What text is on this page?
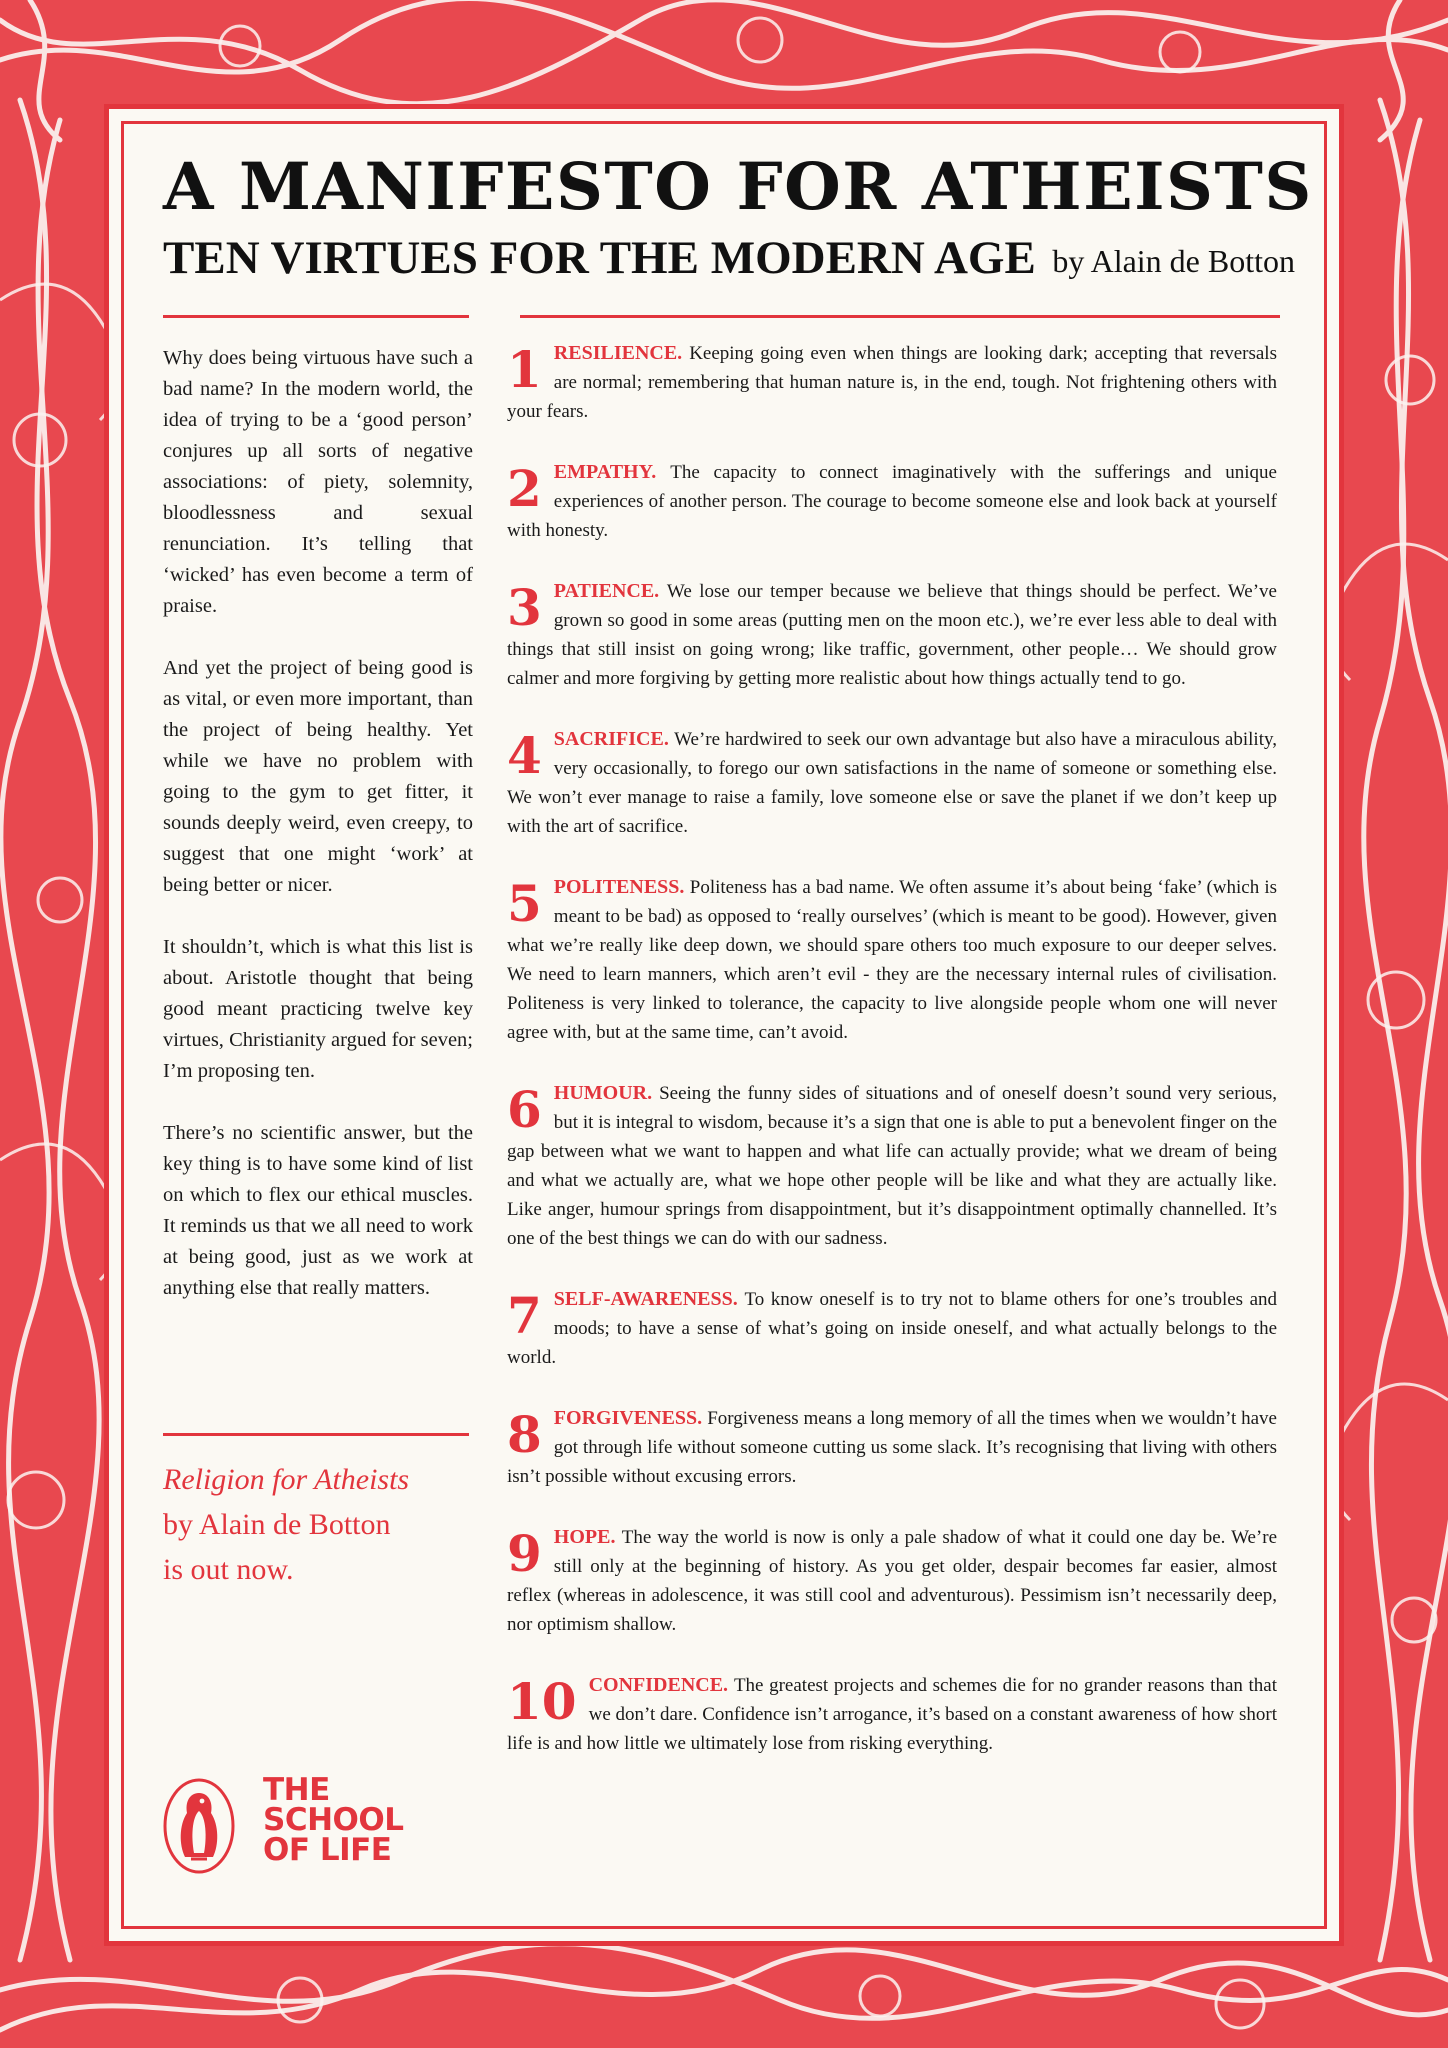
A MANIFESTO FOR ATHEISTS
TEN VIRTUES FOR THE MODERN AGE by Alain de Botton

Why does being virtuous have such a bad name? In the modern world, the idea of trying to be a ‘good person’ conjures up all sorts of negative associations: of piety, solemnity, bloodlessness and sexual renunciation. It’s telling that ‘wicked’ has even become a term of praise.

And yet the project of being good is as vital, or even more important, than the project of being healthy. Yet while we have no problem with going to the gym to get fitter, it sounds deeply weird, even creepy, to suggest that one might ‘work’ at being better or nicer.

It shouldn’t, which is what this list is about. Aristotle thought that being good meant practicing twelve key virtues, Christianity argued for seven; I’m proposing ten.

There’s no scientific answer, but the key thing is to have some kind of list on which to flex our ethical muscles. It reminds us that we all need to work at being good, just as we work at anything else that really matters.

Religion for Atheists
by Alain de Botton
is out now.
THE
SCHOOL
OF LIFE
1 RESILIENCE. Keeping going even when things are looking dark; accepting that reversals are normal; remembering that human nature is, in the end, tough. Not frightening others with your fears.
2 EMPATHY. The capacity to connect imaginatively with the sufferings and unique experiences of another person. The courage to become someone else and look back at yourself with honesty.
3 PATIENCE. We lose our temper because we believe that things should be perfect. We’ve grown so good in some areas (putting men on the moon etc.), we’re ever less able to deal with things that still insist on going wrong; like traffic, government, other people… We should grow calmer and more forgiving by getting more realistic about how things actually tend to go.
4 SACRIFICE. We’re hardwired to seek our own advantage but also have a miraculous ability, very occasionally, to forego our own satisfactions in the name of someone or something else. We won’t ever manage to raise a family, love someone else or save the planet if we don’t keep up with the art of sacrifice.
5 POLITENESS. Politeness has a bad name. We often assume it’s about being ‘fake’ (which is meant to be bad) as opposed to ‘really ourselves’ (which is meant to be good). However, given what we’re really like deep down, we should spare others too much exposure to our deeper selves. We need to learn manners, which aren’t evil - they are the necessary internal rules of civilisation. Politeness is very linked to tolerance, the capacity to live alongside people whom one will never agree with, but at the same time, can’t avoid.
6 HUMOUR. Seeing the funny sides of situations and of oneself doesn’t sound very serious, but it is integral to wisdom, because it’s a sign that one is able to put a benevolent finger on the gap between what we want to happen and what life can actually provide; what we dream of being and what we actually are, what we hope other people will be like and what they are actually like. Like anger, humour springs from disappointment, but it’s disappointment optimally channelled. It’s one of the best things we can do with our sadness.
7 SELF-AWARENESS. To know oneself is to try not to blame others for one’s troubles and moods; to have a sense of what’s going on inside oneself, and what actually belongs to the world.
8 FORGIVENESS. Forgiveness means a long memory of all the times when we wouldn’t have got through life without someone cutting us some slack. It’s recognising that living with others isn’t possible without excusing errors.
9 HOPE. The way the world is now is only a pale shadow of what it could one day be. We’re still only at the beginning of history. As you get older, despair becomes far easier, almost reflex (whereas in adolescence, it was still cool and adventurous). Pessimism isn’t necessarily deep, nor optimism shallow.
10 CONFIDENCE. The greatest projects and schemes die for no grander reasons than that we don’t dare. Confidence isn’t arrogance, it’s based on a constant awareness of how short life is and how little we ultimately lose from risking everything.
